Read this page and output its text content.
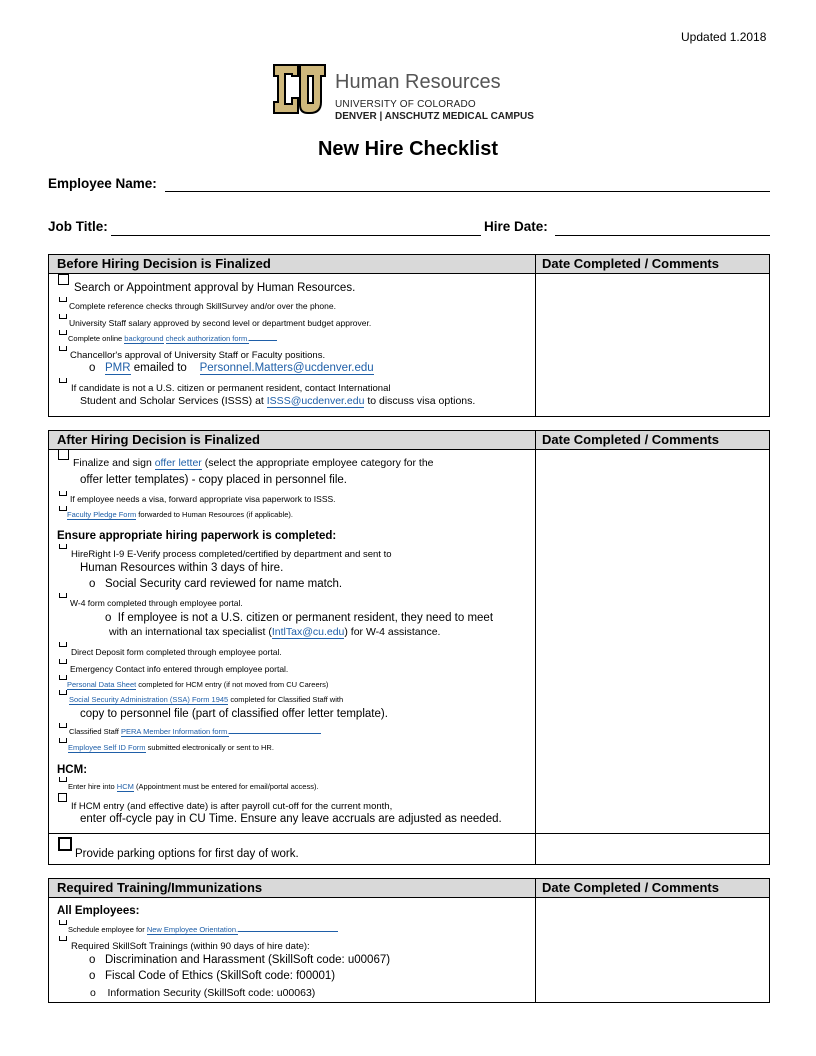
Updated 1.2018
Human Resources
UNIVERSITY OF COLORADO
DENVER | ANSCHUTZ MEDICAL CAMPUS
New Hire Checklist
Employee Name:
Job Title:	Hire Date:
Before Hiring Decision is Finalized	Date Completed / Comments
Search or Appointment approval by Human Resources.
Complete reference checks through SkillSurvey and/or over the phone.
University Staff salary approved by second level or department budget approver.
Complete online background check authorization form.
Chancellor's approval of University Staff or Faculty positions.
o PMR emailed to Personnel.Matters@ucdenver.edu
If candidate is not a U.S. citizen or permanent resident, contact International
Student and Scholar Services (ISSS) at ISSS@ucdenver.edu to discuss visa options.
After Hiring Decision is Finalized	Date Completed / Comments
Finalize and sign offer letter (select the appropriate employee category for the
offer letter templates) - copy placed in personnel file.
If employee needs a visa, forward appropriate visa paperwork to ISSS.
Faculty Pledge Form forwarded to Human Resources (if applicable).
Ensure appropriate hiring paperwork is completed:
HireRight I-9 E-Verify process completed/certified by department and sent to
Human Resources within 3 days of hire.
o Social Security card reviewed for name match.
W-4 form completed through employee portal.
o If employee is not a U.S. citizen or permanent resident, they need to meet
with an international tax specialist (IntlTax@cu.edu) for W-4 assistance.
Direct Deposit form completed through employee portal.
Emergency Contact info entered through employee portal.
Personal Data Sheet completed for HCM entry (if not moved from CU Careers)
Social Security Administration (SSA) Form 1945 completed for Classified Staff with
copy to personnel file (part of classified offer letter template).
Classified Staff PERA Member Information form.
Employee Self ID Form submitted electronically or sent to HR.
HCM:
Enter hire into HCM (Appointment must be entered for email/portal access).
If HCM entry (and effective date) is after payroll cut-off for the current month,
enter off-cycle pay in CU Time. Ensure any leave accruals are adjusted as needed.
Provide parking options for first day of work.
Required Training/Immunizations	Date Completed / Comments
All Employees:
Schedule employee for New Employee Orientation.
Required SkillSoft Trainings (within 90 days of hire date):
o Discrimination and Harassment (SkillSoft code: u00067)
o Fiscal Code of Ethics (SkillSoft code: f00001)
o Information Security (SkillSoft code: u00063)
